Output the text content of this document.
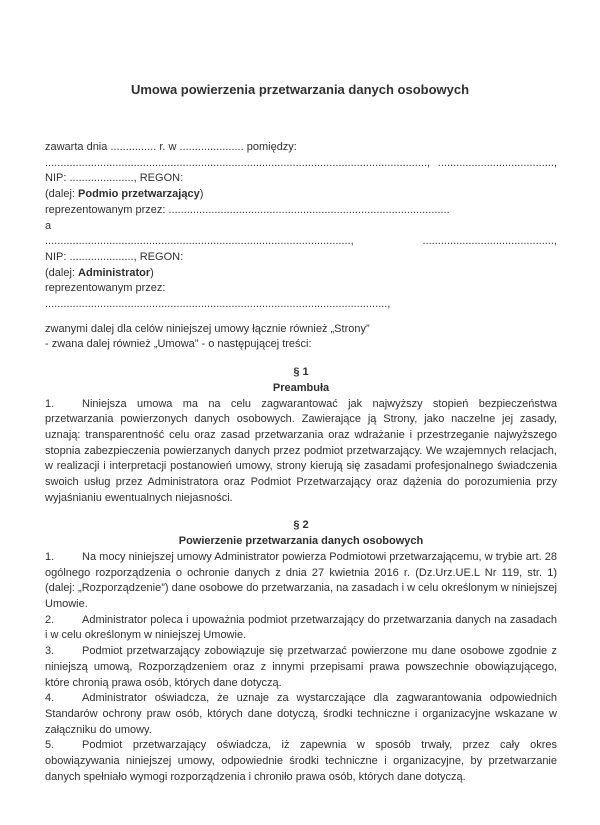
Umowa powierzenia przetwarzania danych osobowych

zawarta dnia ............... r. w ..................... pomiędzy:

............................................................................................................................., ......................................,

NIP: ....................., REGON:

(dalej: Podmio przetwarzający)

reprezentowanym przez: ............................................................................................

a

....................................................................................................,	...........................................,

NIP: ....................., REGON:

(dalej: Administrator)

reprezentowanym przez:

................................................................................................................,

zwanymi dalej dla celów niniejszej umowy łącznie również „Strony”

- zwana dalej również „Umowa” - o następującej treści:

§ 1

Preambuła

1.	Niniejsza umowa ma na celu zagwarantować jak najwyższy stopień bezpieczeństwa przetwarzania powierzonych danych osobowych. Zawierające ją Strony, jako naczelne jej zasady, uznają: transparentność celu oraz zasad przetwarzania oraz wdrażanie i przestrzeganie najwyższego stopnia zabezpieczenia powierzanych danych przez podmiot przetwarzający. We wzajemnych relacjach, w realizacji i interpretacji postanowień umowy, strony kierują się zasadami profesjonalnego świadczenia swoich usług przez Administratora oraz Podmiot Przetwarzający oraz dążenia do porozumienia przy wyjaśnianiu ewentualnych niejasności.

§ 2

Powierzenie przetwarzania danych osobowych

1.	Na mocy niniejszej umowy Administrator powierza Podmiotowi przetwarzającemu, w trybie art. 28 ogólnego rozporządzenia o ochronie danych z dnia 27 kwietnia 2016 r. (Dz.Urz.UE.L Nr 119, str. 1) (dalej: „Rozporządzenie”) dane osobowe do przetwarzania, na zasadach i w celu określonym w niniejszej Umowie.

2.	Administrator poleca i upoważnia podmiot przetwarzający do przetwarzania danych na zasadach i w celu określonym w niniejszej Umowie.

3.	Podmiot przetwarzający zobowiązuje się przetwarzać powierzone mu dane osobowe zgodnie z niniejszą umową, Rozporządzeniem oraz z innymi przepisami prawa powszechnie obowiązującego, które chronią prawa osób, których dane dotyczą.

4.	Administrator oświadcza, że uznaje za wystarczające dla zagwarantowania odpowiednich Standarów ochrony praw osób, których dane dotyczą, środki techniczne i organizacyjne wskazane w załączniku do umowy.

5.	Podmiot przetwarzający oświadcza, iż zapewnia w sposób trwały, przez cały okres obowiązywania niniejszej umowy, odpowiednie środki techniczne i organizacyjne, by przetwarzanie danych spełniało wymogi rozporządzenia i chroniło prawa osób, których dane dotyczą.
